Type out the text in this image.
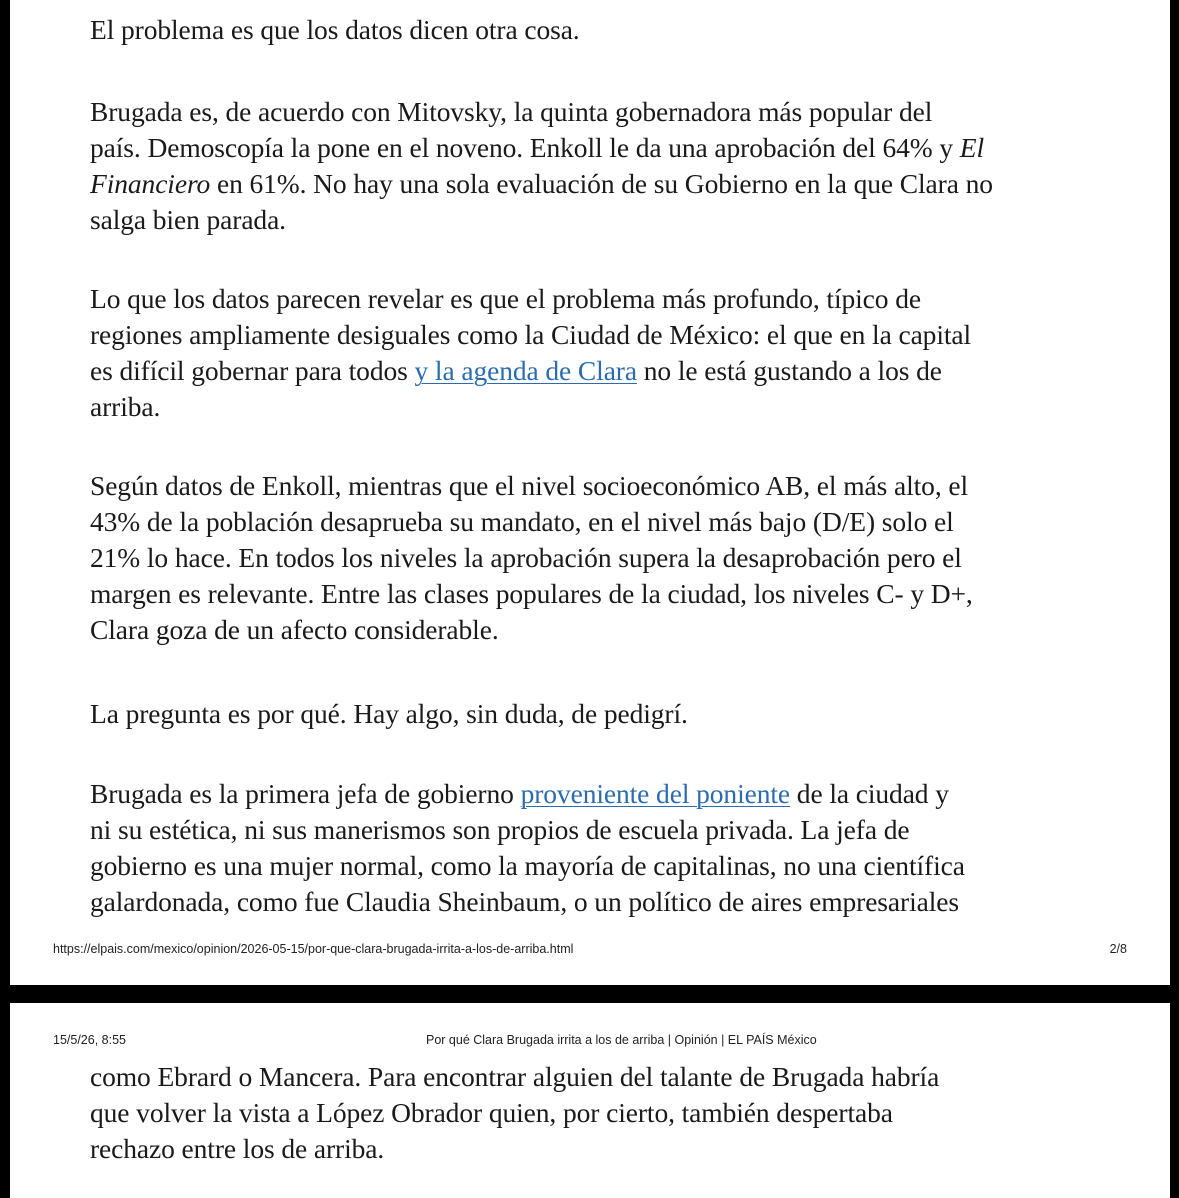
El problema es que los datos dicen otra cosa.

Brugada es, de acuerdo con Mitovsky, la quinta gobernadora más popular del
país. Demoscopía la pone en el noveno. Enkoll le da una aprobación del 64% y El
Financiero en 61%. No hay una sola evaluación de su Gobierno en la que Clara no
salga bien parada.

Lo que los datos parecen revelar es que el problema más profundo, típico de
regiones ampliamente desiguales como la Ciudad de México: el que en la capital
es difícil gobernar para todos y la agenda de Clara no le está gustando a los de
arriba.

Según datos de Enkoll, mientras que el nivel socioeconómico AB, el más alto, el
43% de la población desaprueba su mandato, en el nivel más bajo (D/E) solo el
21% lo hace. En todos los niveles la aprobación supera la desaprobación pero el
margen es relevante. Entre las clases populares de la ciudad, los niveles C- y D+,
Clara goza de un afecto considerable.

La pregunta es por qué. Hay algo, sin duda, de pedigrí.

Brugada es la primera jefa de gobierno proveniente del poniente de la ciudad y
ni su estética, ni sus manerismos son propios de escuela privada. La jefa de
gobierno es una mujer normal, como la mayoría de capitalinas, no una científica
galardonada, como fue Claudia Sheinbaum, o un político de aires empresariales

https://elpais.com/mexico/opinion/2026-05-15/por-que-clara-brugada-irrita-a-los-de-arriba.html	2/8
15/5/26, 8:55	Por qué Clara Brugada irrita a los de arriba | Opinión | EL PAÍS México

como Ebrard o Mancera. Para encontrar alguien del talante de Brugada habría
que volver la vista a López Obrador quien, por cierto, también despertaba
rechazo entre los de arriba.
